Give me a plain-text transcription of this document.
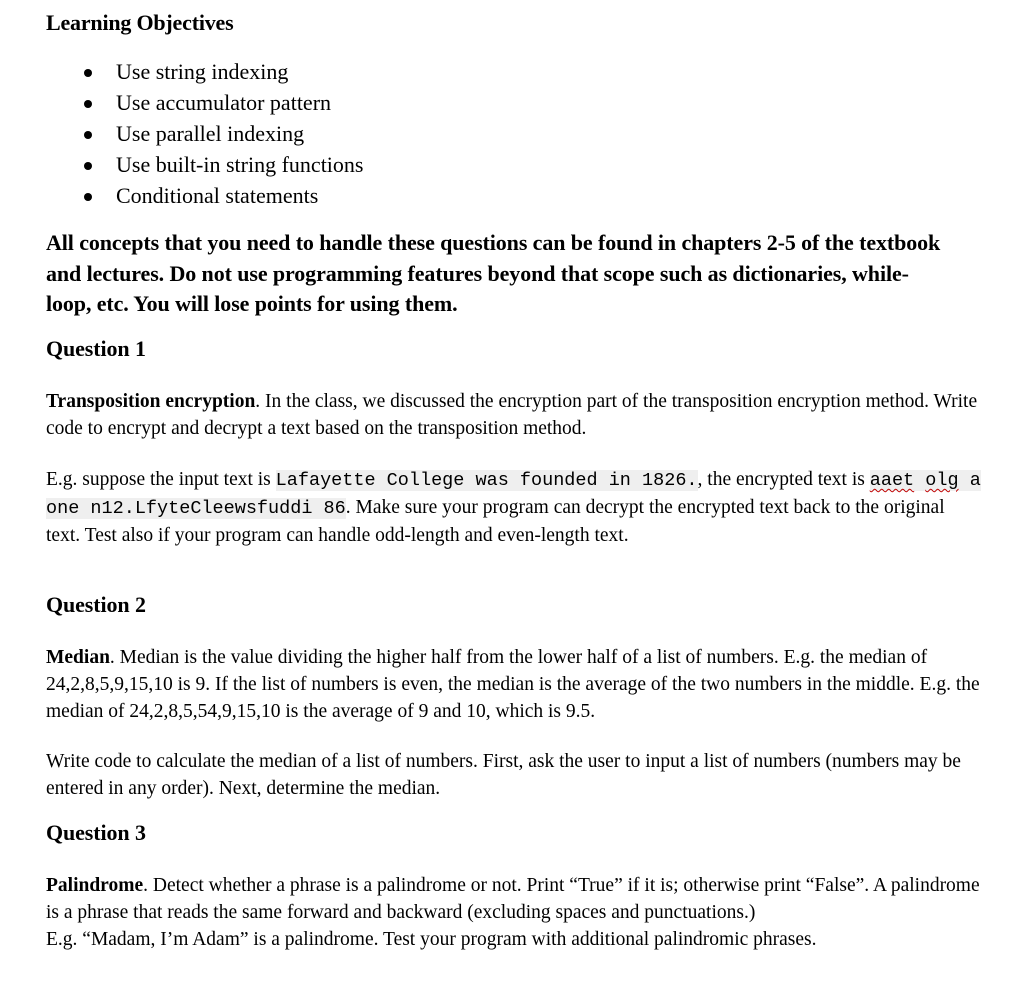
Learning Objectives
Use string indexing
Use accumulator pattern
Use parallel indexing
Use built-in string functions
Conditional statements
All concepts that you need to handle these questions can be found in chapters 2-5 of the textbook and lectures. Do not use programming features beyond that scope such as dictionaries, while-loop, etc. You will lose points for using them.
Question 1
Transposition encryption. In the class, we discussed the encryption part of the transposition encryption method. Write code to encrypt and decrypt a text based on the transposition method.
E.g. suppose the input text is Lafayette College was founded in 1826., the encrypted text is aaet olg a one n12.LfyteCleewsfuddi 86. Make sure your program can decrypt the encrypted text back to the original text. Test also if your program can handle odd-length and even-length text.
Question 2
Median. Median is the value dividing the higher half from the lower half of a list of numbers. E.g. the median of 24,2,8,5,9,15,10 is 9. If the list of numbers is even, the median is the average of the two numbers in the middle. E.g. the median of 24,2,8,5,54,9,15,10 is the average of 9 and 10, which is 9.5.
Write code to calculate the median of a list of numbers. First, ask the user to input a list of numbers (numbers may be entered in any order). Next, determine the median.
Question 3
Palindrome. Detect whether a phrase is a palindrome or not. Print “True” if it is; otherwise print “False”. A palindrome is a phrase that reads the same forward and backward (excluding spaces and punctuations.)
E.g. “Madam, I’m Adam” is a palindrome. Test your program with additional palindromic phrases.
